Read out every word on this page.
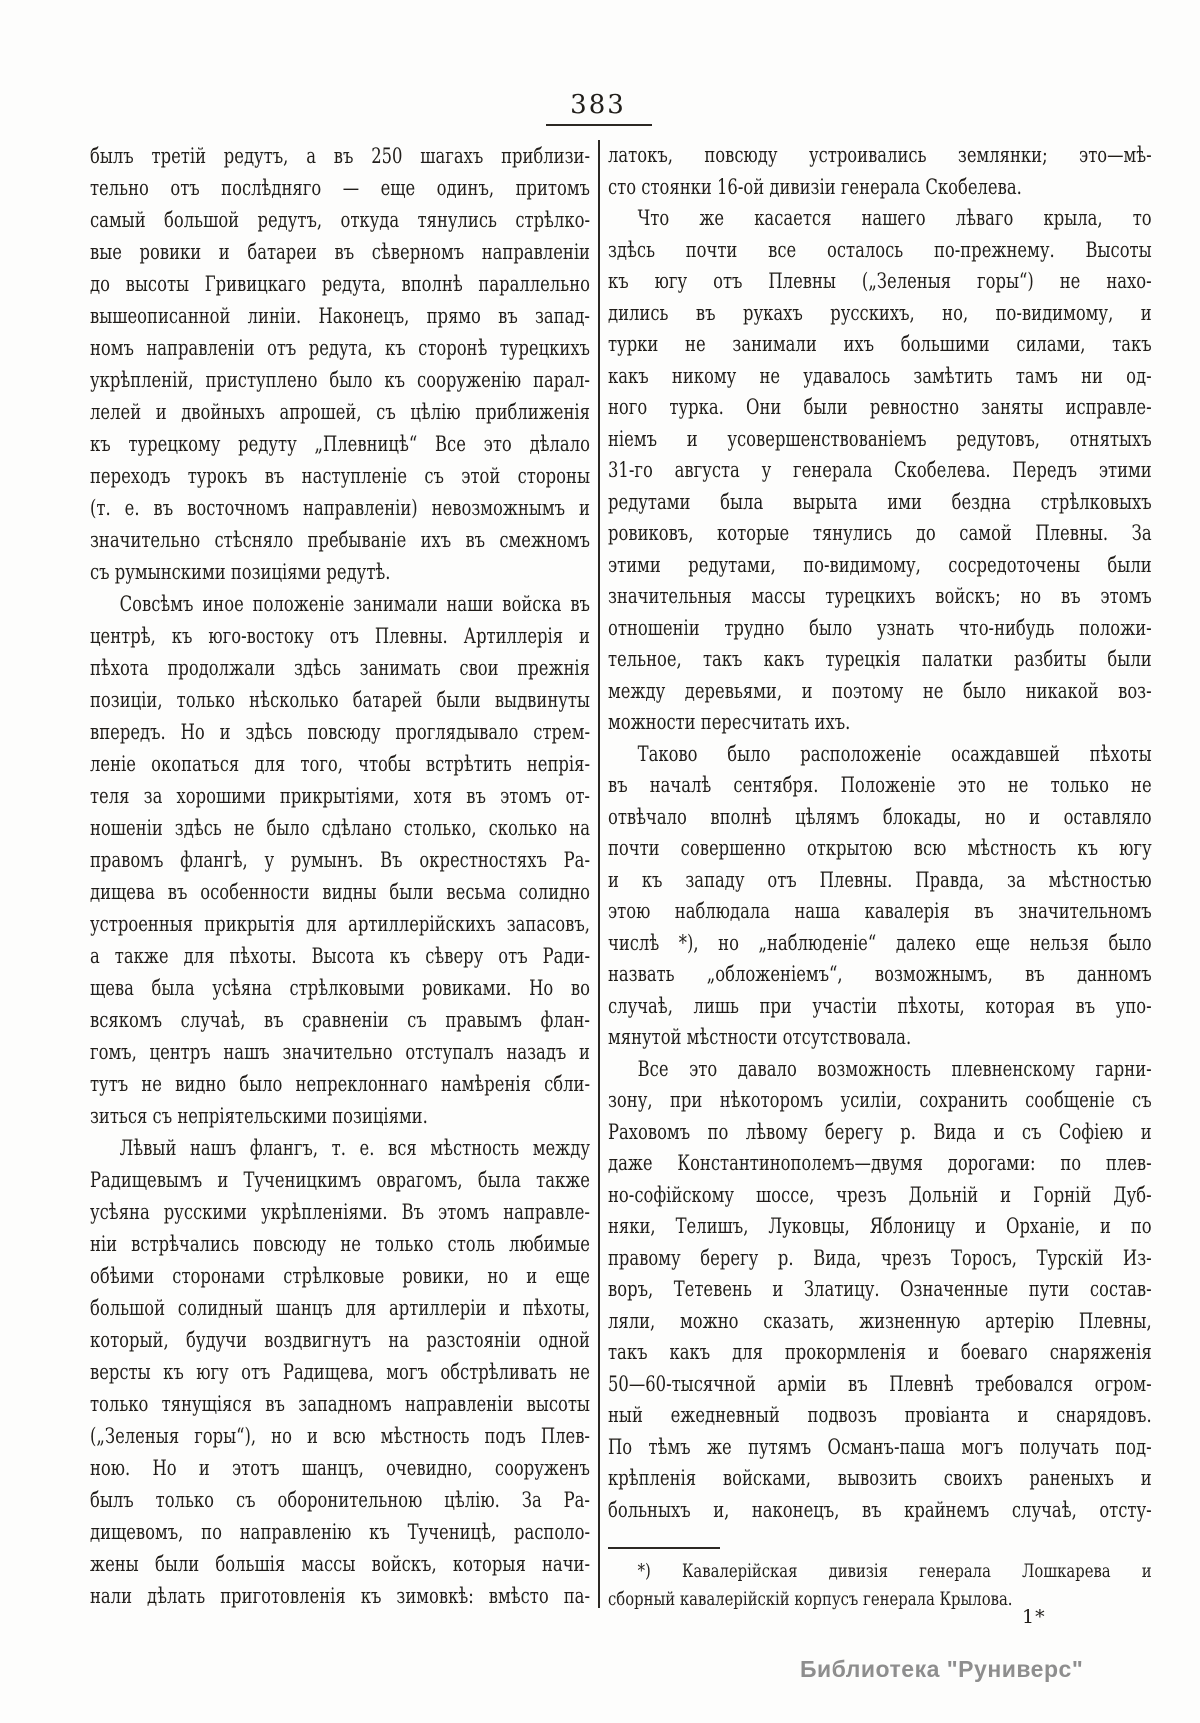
383
былъ третій редутъ, а въ 250 шагахъ приблизи-
тельно отъ послѣдняго — еще одинъ, притомъ
самый большой редутъ, откуда тянулись стрѣлко-
вые ровики и батареи въ сѣверномъ направленіи
до высоты Гривицкаго редута, вполнѣ параллельно
вышеописанной линіи. Наконецъ, прямо въ запад-
номъ направленіи отъ редута, къ сторонѣ турецкихъ
укрѣпленій, приступлено было къ сооруженію парал-
лелей и двойныхъ апрошей, съ цѣлію приближенія
къ турецкому редуту „Плевницѣ“ Все это дѣлало
переходъ турокъ въ наступленіе съ этой стороны
(т. е. въ восточномъ направленіи) невозможнымъ и
значительно стѣсняло пребываніе ихъ въ смежномъ
съ румынскими позиціями редутѣ.
Совсѣмъ иное положеніе занимали наши войска въ
центрѣ, къ юго-востоку отъ Плевны. Артиллерія и
пѣхота продолжали здѣсь занимать свои прежнія
позиціи, только нѣсколько батарей были выдвинуты
впередъ. Но и здѣсь повсюду проглядывало стрем-
леніе окопаться для того, чтобы встрѣтить непрія-
теля за хорошими прикрытіями, хотя въ этомъ от-
ношеніи здѣсь не было сдѣлано столько, сколько на
правомъ флангѣ, у румынъ. Въ окрестностяхъ Ра-
дищева въ особенности видны были весьма солидно
устроенныя прикрытія для артиллерійскихъ запасовъ,
а также для пѣхоты. Высота къ сѣверу отъ Ради-
щева была усѣяна стрѣлковыми ровиками. Но во
всякомъ случаѣ, въ сравненіи съ правымъ флан-
гомъ, центръ нашъ значительно отступалъ назадъ и
тутъ не видно было непреклоннаго намѣренія сбли-
зиться съ непріятельскими позиціями.
Лѣвый нашъ флангъ, т. е. вся мѣстность между
Радищевымъ и Тученицкимъ оврагомъ, была также
усѣяна русскими укрѣпленіями. Въ этомъ направле-
ніи встрѣчались повсюду не только столь любимые
обѣими сторонами стрѣлковые ровики, но и еще
большой солидный шанцъ для артиллеріи и пѣхоты,
который, будучи воздвигнутъ на разстояніи одной
версты къ югу отъ Радищева, могъ обстрѣливать не
только тянущіяся въ западномъ направленіи высоты
(„Зеленыя горы“), но и всю мѣстность подъ Плев-
ною. Но и этотъ шанцъ, очевидно, сооруженъ
былъ только съ оборонительною цѣлію. За Ра-
дищевомъ, по направленію къ Тученицѣ, располо-
жены были большія массы войскъ, которыя начи-
нали дѣлать приготовленія къ зимовкѣ: вмѣсто па-
латокъ, повсюду устроивались землянки; это—мѣ-
сто стоянки 16-ой дивизіи генерала Скобелева.
Что же касается нашего лѣваго крыла, то
здѣсь почти все осталось по-прежнему. Высоты
къ югу отъ Плевны („Зеленыя горы“) не нахо-
дились въ рукахъ русскихъ, но, по-видимому, и
турки не занимали ихъ большими силами, такъ
какъ никому не удавалось замѣтить тамъ ни од-
ного турка. Они были ревностно заняты исправле-
ніемъ и усовершенствованіемъ редутовъ, отнятыхъ
31-го августа у генерала Скобелева. Передъ этими
редутами была вырыта ими бездна стрѣлковыхъ
ровиковъ, которые тянулись до самой Плевны. За
этими редутами, по-видимому, сосредоточены были
значительныя массы турецкихъ войскъ; но въ этомъ
отношеніи трудно было узнать что-нибудь положи-
тельное, такъ какъ турецкія палатки разбиты были
между деревьями, и поэтому не было никакой воз-
можности пересчитать ихъ.
Таково было расположеніе осаждавшей пѣхоты
въ началѣ сентября. Положеніе это не только не
отвѣчало вполнѣ цѣлямъ блокады, но и оставляло
почти совершенно открытою всю мѣстность къ югу
и къ западу отъ Плевны. Правда, за мѣстностью
этою наблюдала наша кавалерія въ значительномъ
числѣ *), но „наблюденіе“ далеко еще нельзя было
назвать „обложеніемъ“, возможнымъ, въ данномъ
случаѣ, лишь при участіи пѣхоты, которая въ упо-
мянутой мѣстности отсутствовала.
Все это давало возможность плевненскому гарни-
зону, при нѣкоторомъ усиліи, сохранить сообщеніе съ
Раховомъ по лѣвому берегу р. Вида и съ Софіею и
даже Константинополемъ—двумя дорогами: по плев-
но-софійскому шоссе, чрезъ Дольній и Горній Дуб-
няки, Телишъ, Луковцы, Яблоницу и Орханіе, и по
правому берегу р. Вида, чрезъ Торосъ, Турскій Из-
воръ, Тетевень и Златицу. Означенные пути состав-
ляли, можно сказать, жизненную артерію Плевны,
такъ какъ для прокормленія и боеваго снаряженія
50—60-тысячной арміи въ Плевнѣ требовался огром-
ный ежедневный подвозъ провіанта и снарядовъ.
По тѣмъ же путямъ Османъ-паша могъ получать под-
крѣпленія войсками, вывозить своихъ раненыхъ и
больныхъ и, наконецъ, въ крайнемъ случаѣ, отсту-
*) Кавалерійская дивизія генерала Лошкарева и
сборный кавалерійскій корпусъ генерала Крылова.
1*
Библиотека "Руниверс"
